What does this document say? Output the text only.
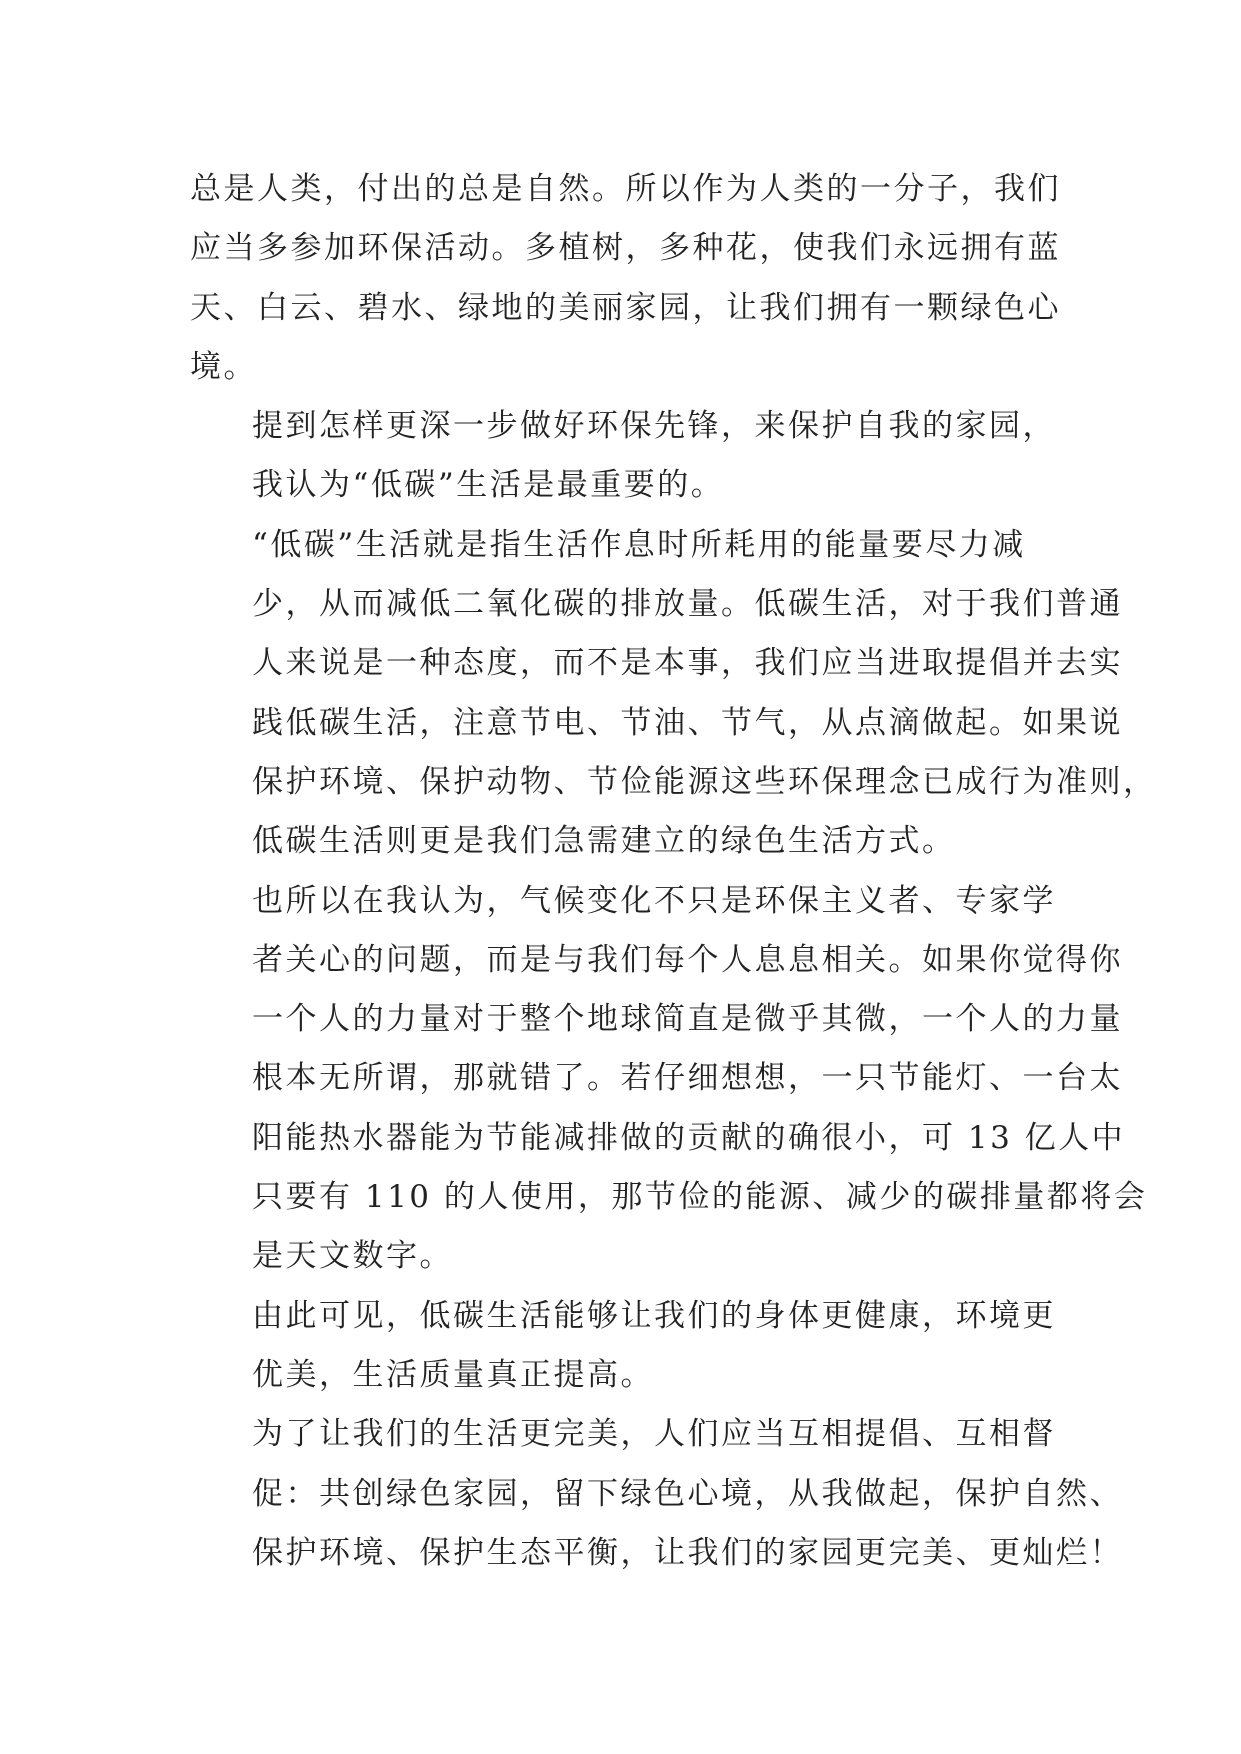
总是人类，付出的总是自然。所以作为人类的一分子，我们
应当多参加环保活动。多植树，多种花，使我们永远拥有蓝
天、白云、碧水、绿地的美丽家园，让我们拥有一颗绿色心
境。

提到怎样更深一步做好环保先锋，来保护自我的家园，
我认为“低碳”生活是最重要的。

“低碳”生活就是指生活作息时所耗用的能量要尽力减
少，从而减低二氧化碳的排放量。低碳生活，对于我们普通
人来说是一种态度，而不是本事，我们应当进取提倡并去实
践低碳生活，注意节电、节油、节气，从点滴做起。如果说
保护环境、保护动物、节俭能源这些环保理念已成行为准则，
低碳生活则更是我们急需建立的绿色生活方式。

也所以在我认为，气候变化不只是环保主义者、专家学
者关心的问题，而是与我们每个人息息相关。如果你觉得你
一个人的力量对于整个地球简直是微乎其微，一个人的力量
根本无所谓，那就错了。若仔细想想，一只节能灯、一台太
阳能热水器能为节能减排做的贡献的确很小，可 13 亿人中
只要有 110 的人使用，那节俭的能源、减少的碳排量都将会
是天文数字。

由此可见，低碳生活能够让我们的身体更健康，环境更
优美，生活质量真正提高。

为了让我们的生活更完美，人们应当互相提倡、互相督
促：共创绿色家园，留下绿色心境，从我做起，保护自然、
保护环境、保护生态平衡，让我们的家园更完美、更灿烂！
